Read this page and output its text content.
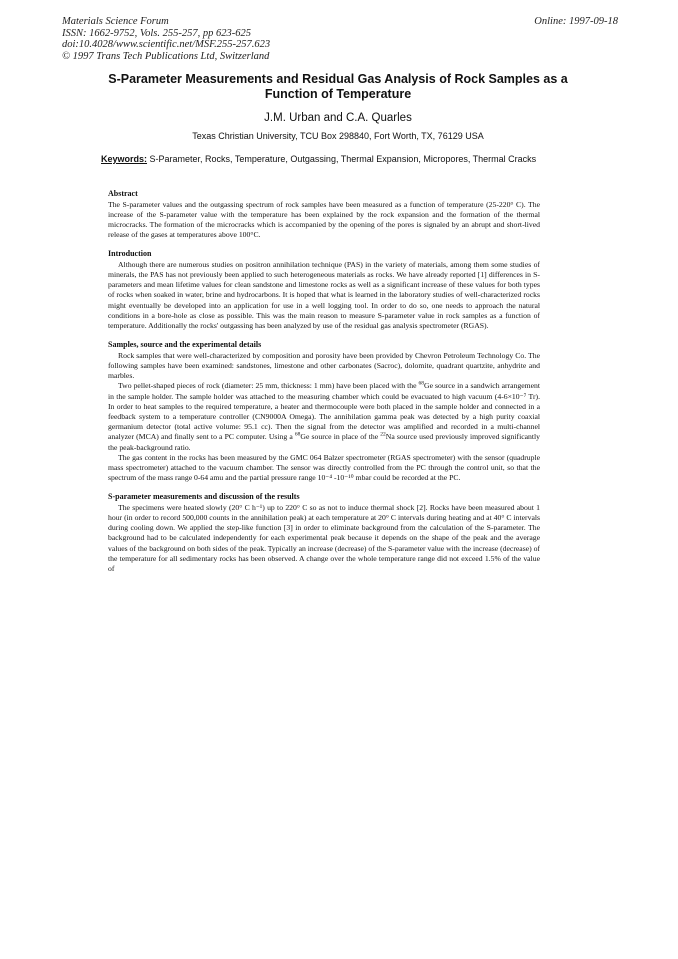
Materials Science Forum
ISSN: 1662-9752, Vols. 255-257, pp 623-625
doi:10.4028/www.scientific.net/MSF.255-257.623
© 1997 Trans Tech Publications Ltd, Switzerland
Online: 1997-09-18
S-Parameter Measurements and Residual Gas Analysis of Rock Samples as a Function of Temperature
J.M. Urban and C.A. Quarles
Texas Christian University, TCU Box 298840, Fort Worth, TX, 76129 USA
Keywords: S-Parameter, Rocks, Temperature, Outgassing, Thermal Expansion, Micropores, Thermal Cracks
Abstract

The S-parameter values and the outgassing spectrum of rock samples have been measured as a function of temperature (25-220° C). The increase of the S-parameter value with the temperature has been explained by the rock expansion and the formation of the thermal microcracks. The formation of the microcracks which is accompanied by the opening of the pores is signaled by an abrupt and short-lived release of the gases at temperatures above 100°C.

Introduction

Although there are numerous studies on positron annihilation technique (PAS) in the variety of materials, among them some studies of minerals, the PAS has not previously been applied to such heterogeneous materials as rocks. We have already reported [1] differences in S-parameters and mean lifetime values for clean sandstone and limestone rocks as well as a significant increase of these values for both types of rocks when soaked in water, brine and hydrocarbons. It is hoped that what is learned in the laboratory studies of well-characterized rocks might eventually be developed into an application for use in a well logging tool. In order to do so, one needs to approach the natural conditions in a bore-hole as close as possible. This was the main reason to measure S-parameter value in rock samples as a function of temperature. Additionally the rocks' outgassing has been analyzed by use of the residual gas analysis spectrometer (RGAS).

Samples, source and the experimental details

Rock samples that were well-characterized by composition and porosity have been provided by Chevron Petroleum Technology Co. The following samples have been examined: sandstones, limestone and other carbonates (Sacroc), dolomite, quadrant quartzite, anhydrite and marbles.

Two pellet-shaped pieces of rock (diameter: 25 mm, thickness: 1 mm) have been placed with the $^{68}$Ge source in a sandwich arrangement in the sample holder. The sample holder was attached to the measuring chamber which could be evacuated to high vacuum (4-6×10⁻⁷ Tr). In order to heat samples to the required temperature, a heater and thermocouple were both placed in the sample holder and connected in a feedback system to a temperature controller (CN9000A Omega). The annihilation gamma peak was detected by a high purity coaxial germanium detector (total active volume: 95.1 cc). Then the signal from the detector was amplified and recorded in a multi-channel analyzer (MCA) and finally sent to a PC computer. Using a $^{68}$Ge source in place of the $^{22}$Na source used previously improved significantly the peak-background ratio.

The gas content in the rocks has been measured by the GMC 064 Balzer spectrometer (RGAS spectrometer) with the sensor (quadruple mass spectrometer) attached to the vacuum chamber. The sensor was directly controlled from the PC through the control unit, so that the spectrum of the mass range 0-64 amu and the partial pressure range 10⁻⁴ -10⁻¹⁰ mbar could be recorded at the PC.

S-parameter measurements and discussion of the results

The specimens were heated slowly (20° C h⁻¹) up to 220° C so as not to induce thermal shock [2]. Rocks have been measured about 1 hour (in order to record 500,000 counts in the annihilation peak) at each temperature at 20° C intervals during heating and at 40° C intervals during cooling down. We applied the step-like function [3] in order to eliminate background from the calculation of the S-parameter. The background had to be calculated independently for each experimental peak because it depends on the shape of the peak and the average values of the background on both sides of the peak. Typically an increase (decrease) of the S-parameter value with the increase (decrease) of the temperature for all sedimentary rocks has been observed. A change over the whole temperature range did not exceed 1.5% of the value of
